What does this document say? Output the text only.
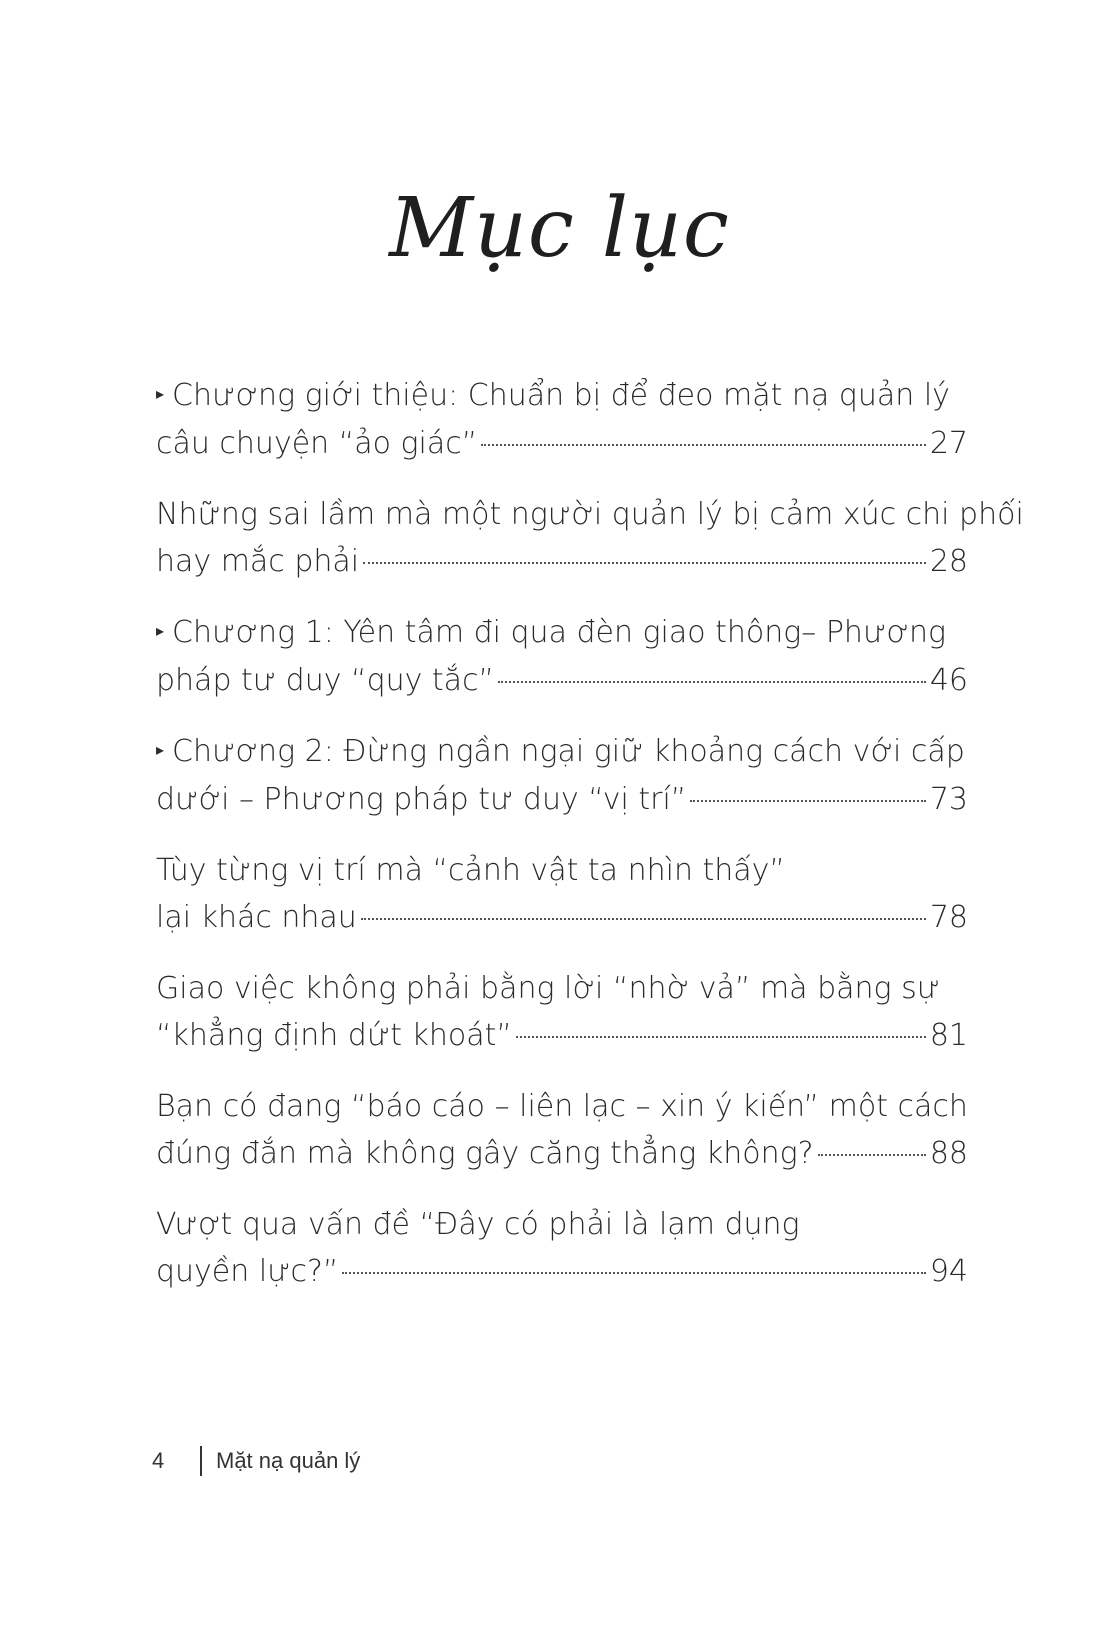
Mục lục
▸ Chương giới thiệu: Chuẩn bị để đeo mặt nạ quản lý
câu chuyện “ảo giác”	27
Những sai lầm mà một người quản lý bị cảm xúc chi phối
hay mắc phải	28
▸ Chương 1: Yên tâm đi qua đèn giao thông– Phương
pháp tư duy “quy tắc”	46
▸ Chương 2: Đừng ngần ngại giữ khoảng cách với cấp
dưới – Phương pháp tư duy “vị trí”	73
Tùy từng vị trí mà “cảnh vật ta nhìn thấy”
lại khác nhau	78
Giao việc không phải bằng lời “nhờ vả” mà bằng sự
“khẳng định dứt khoát”	81
Bạn có đang “báo cáo – liên lạc – xin ý kiến” một cách
đúng đắn mà không gây căng thẳng không?	88
Vượt qua vấn đề “Đây có phải là lạm dụng
quyền lực?”	94
4	Mặt nạ quản lý
